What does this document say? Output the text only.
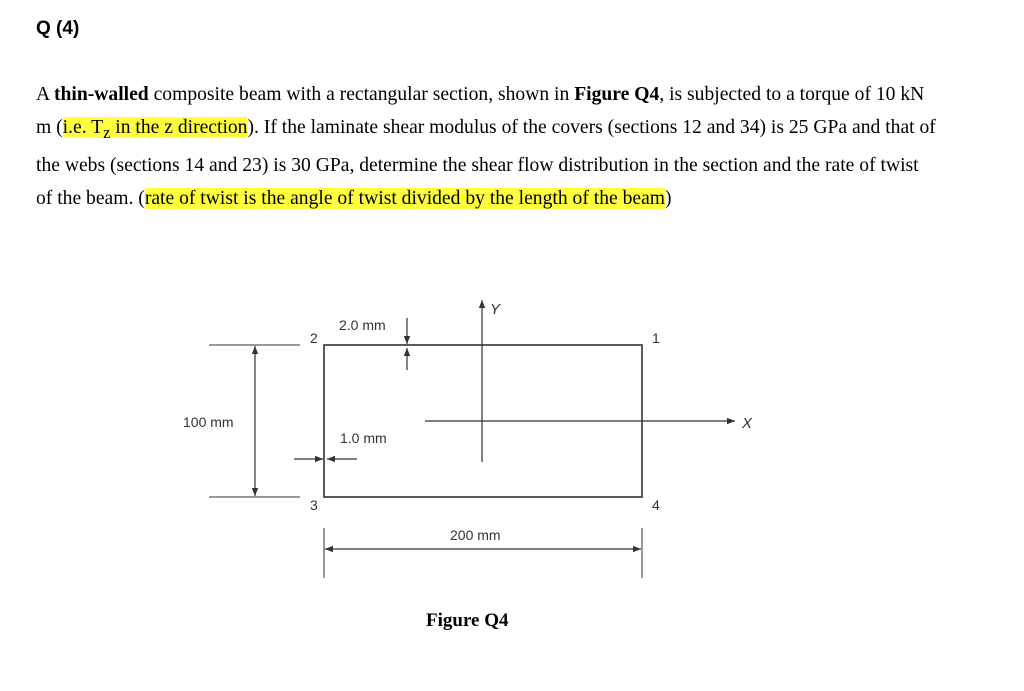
Q (4)

A thin-walled composite beam with a rectangular section, shown in Figure Q4, is subjected to a torque of 10 kN m (i.e. $T_z$ in the z direction). If the laminate shear modulus of the covers (sections 12 and 34) is 25 GPa and that of the webs (sections 14 and 23) is 30 GPa, determine the shear flow distribution in the section and the rate of twist of the beam. (rate of twist is the angle of twist divided by the length of the beam)

Y
X
2	1
3	4
2.0 mm
1.0 mm
100 mm
200 mm
Figure Q4
